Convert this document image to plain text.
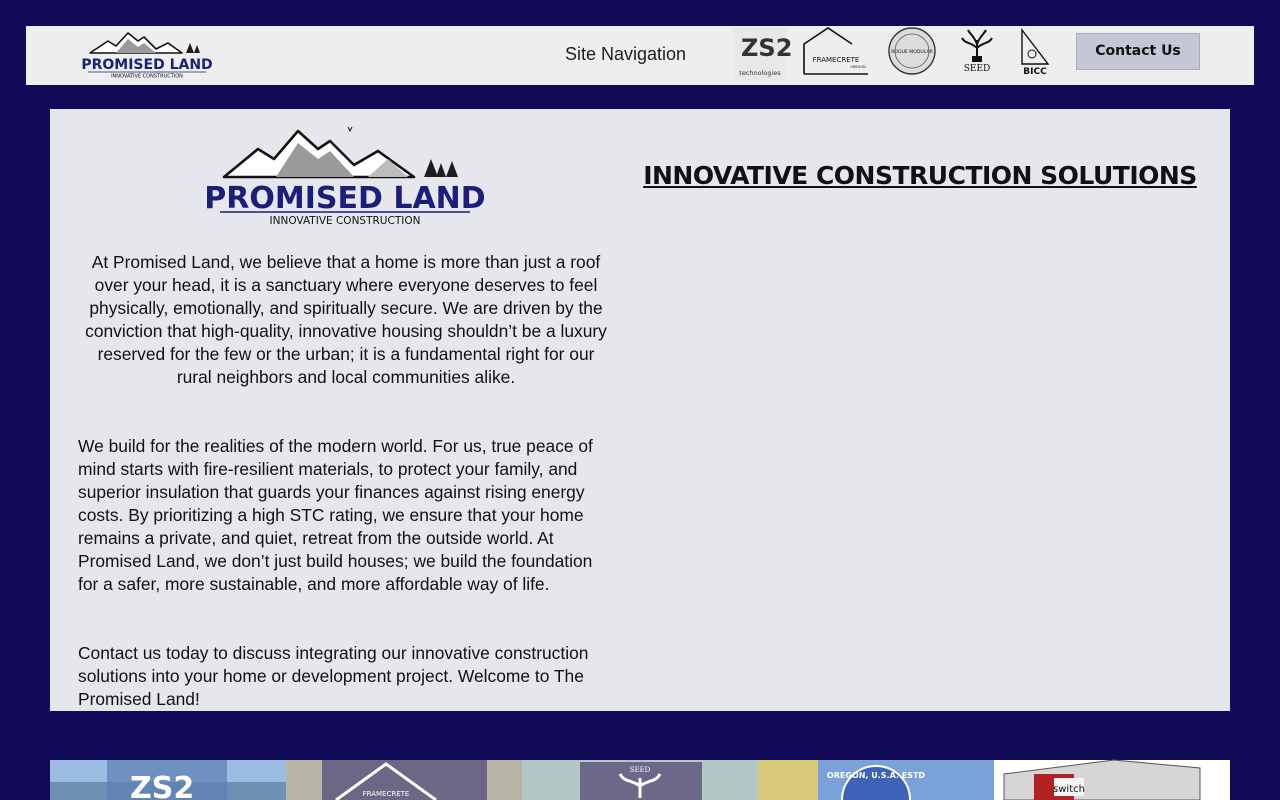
PROMISED LAND
INNOVATIVE CONSTRUCTION
Site Navigation ZS2
technologies
FRAMECRETE
OREGON
ROGUE MODULAR
SEED	BICC
Contact Us
PROMISED LAND
INNOVATIVE CONSTRUCTION

At Promised Land, we believe that a home is more than just a roof over your head, it is a sanctuary where everyone deserves to feel physically, emotionally, and spiritually secure. We are driven by the conviction that high-quality, innovative housing shouldn’t be a luxury reserved for the few or the urban; it is a fundamental right for our rural neighbors and local communities alike.

We build for the realities of the modern world. For us, true peace of mind starts with fire-resilient materials, to protect your family, and superior insulation that guards your finances against rising energy costs. By prioritizing a high STC rating, we ensure that your home remains a private, and quiet, retreat from the outside world. At Promised Land, we don’t just build houses; we build the foundation for a safer, more sustainable, and more affordable way of life.

Contact us today to discuss integrating our innovative construction solutions into your home or development project. Welcome to The Promised Land!

INNOVATIVE CONSTRUCTION SOLUTIONS
ZS2	FRAMECRETE
SEED
OREGON, U.S.A. ESTD
switch
